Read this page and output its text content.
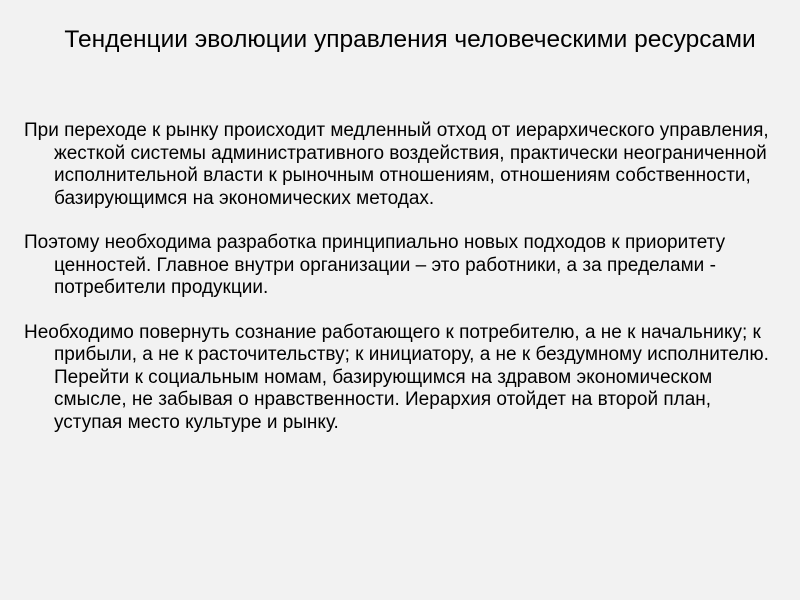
Тенденции эволюции управления человеческими ресурсами

При переходе к рынку происходит медленный отход от иерархического управления, жесткой системы административного воздействия, практически неограниченной исполнительной власти к рыночным отношениям, отношениям собственности, базирующимся на экономических методах.

Поэтому необходима разработка принципиально новых подходов к приоритету ценностей. Главное внутри организации – это работники, а за пределами - потребители продукции.

Необходимо повернуть сознание работающего к потребителю, а не к начальнику; к прибыли, а не к расточительству; к инициатору, а не к бездумному исполнителю. Перейти к социальным номам, базирующимся на здравом экономическом смысле, не забывая о нравственности. Иерархия отойдет на второй план, уступая место культуре и рынку.
